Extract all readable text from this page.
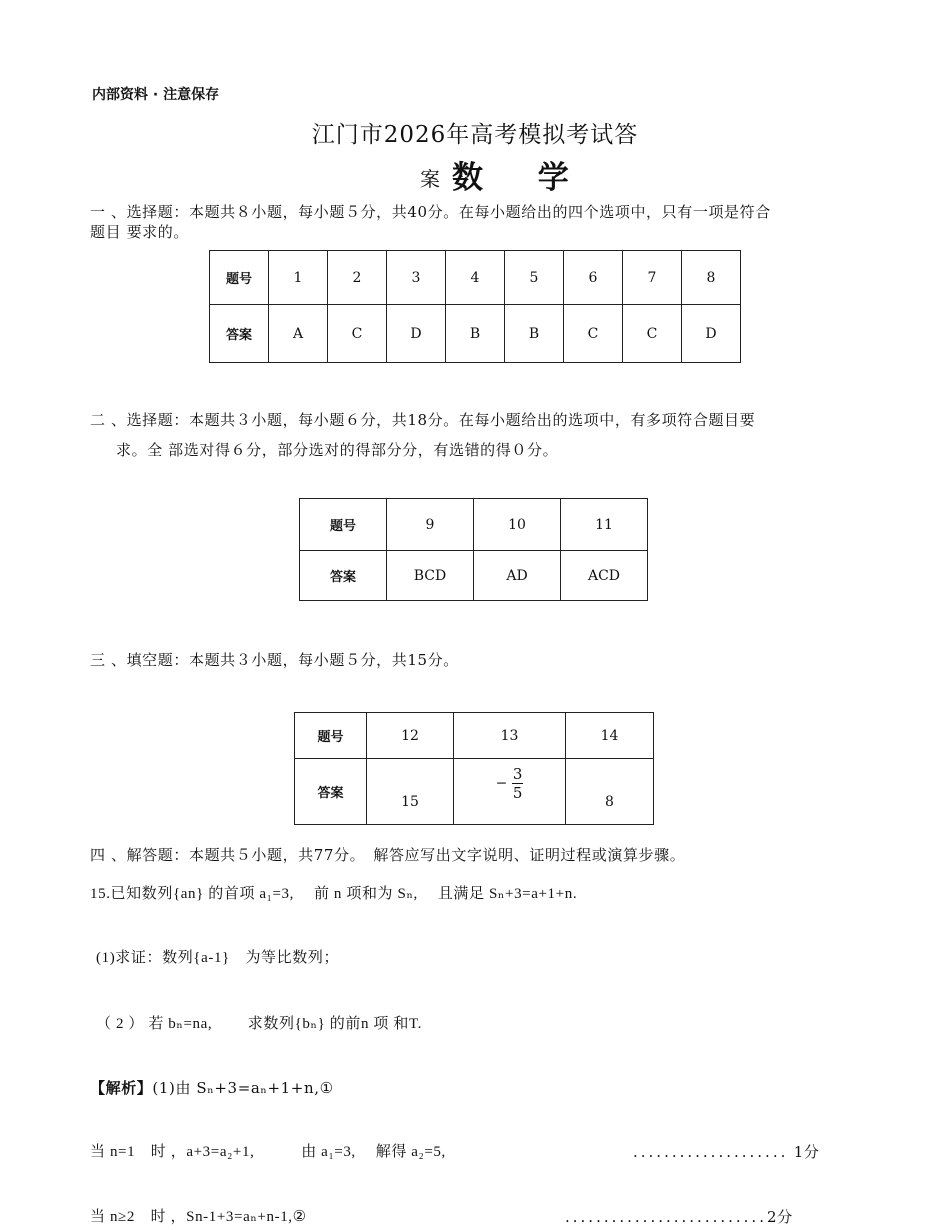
内部资料 · 注意保存
江门市2026年高考模拟考试答
案 数 学
一 、选择题：本题共８小题，每小题５分，共40分。在每小题给出的四个选项中，只有一项是符合
题目 要求的。
题号	1	2	3	4	5	6	7	8
答案	A	C	D	B	B	C	C	D
二 、选择题：本题共３小题，每小题６分，共18分。在每小题给出的选项中，有多项符合题目要
求。全 部选对得６分，部分选对的得部分分，有选错的得０分。
题号	9	10	11
答案	BCD	AD	ACD
三 、填空题：本题共３小题，每小题５分，共15分。
题号	12	13	14
答案	15	− $\frac{3}{5}$	8
四 、解答题：本题共５小题，共77分。　解答应写出文字说明、证明过程或演算步骤。
15.已知数列{an} 的首项 a₁=3,　 前 n 项和为 Sₙ,　 且满足 Sₙ+3=a+1+n.
(1)求证：数列{a-1}　为等比数列；
（ 2 ） 若 bₙ=na,　　 求数列{bₙ} 的前n 项 和T.
【解析】(1)由 Sₙ+3=aₙ+1+n,①
当 n=1　时 ，a+3=a₂+1,　　　由 a₁=3,　 解得 a₂=5,	.................... 1分
当 n≥2　时 ，Sn-1+3=aₙ+n-1,②	..........................2分
